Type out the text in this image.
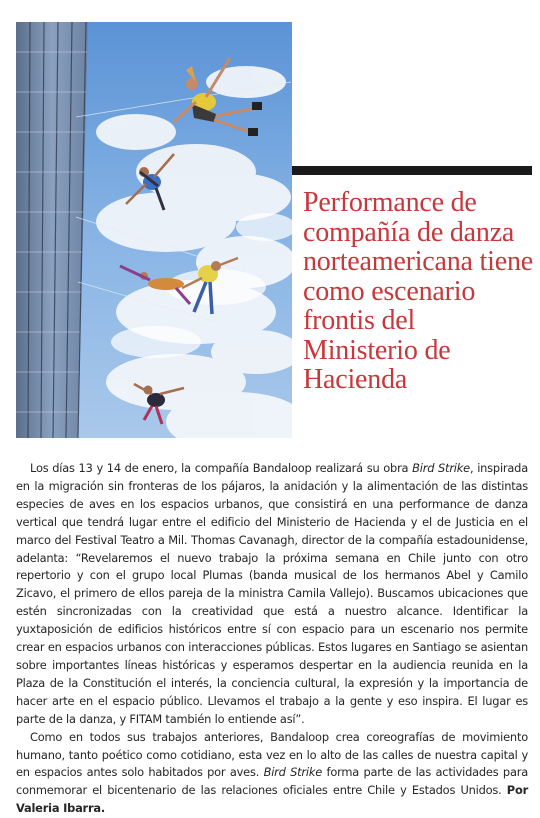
Performance de compañía de danza norteamericana tiene como escenario frontis del Ministerio de Hacienda

Los días 13 y 14 de enero, la compañía Bandaloop realizará su obra Bird Strike, inspirada en la migración sin fronteras de los pájaros, la anidación y la alimentación de las distintas especies de aves en los espacios urbanos, que consistirá en una performance de danza vertical que tendrá lugar entre el edificio del Ministerio de Hacienda y el de Justicia en el marco del Festival Teatro a Mil. Thomas Cavanagh, director de la compañía estadounidense, adelanta: “Revelaremos el nuevo trabajo la próxima semana en Chile junto con otro repertorio y con el grupo local Plumas (banda musical de los hermanos Abel y Camilo Zicavo, el primero de ellos pareja de la ministra Camila Vallejo). Buscamos ubicaciones que estén sincronizadas con la creatividad que está a nuestro alcance. Identificar la yuxtaposición de edificios históricos entre sí con espacio para un escenario nos permite crear en espacios urbanos con interacciones públicas. Estos lugares en Santiago se asientan sobre importantes líneas históricas y esperamos despertar en la audiencia reunida en la Plaza de la Constitución el interés, la conciencia cultural, la expresión y la importancia de hacer arte en el espacio público. Llevamos el trabajo a la gente y eso inspira. El lugar es parte de la danza, y FITAM también lo entiende así”.

Como en todos sus trabajos anteriores, Bandaloop crea coreografías de movimiento humano, tanto poético como cotidiano, esta vez en lo alto de las calles de nuestra capital y en espacios antes solo habitados por aves. Bird Strike forma parte de las actividades para conmemorar el bicentenario de las relaciones oficiales entre Chile y Estados Unidos. Por Valeria Ibarra.
